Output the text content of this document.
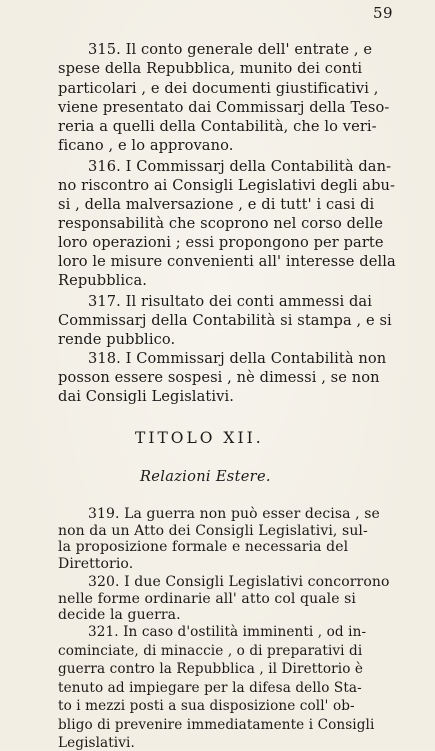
59
315. Il conto generale dell' entrate , e
spese della Repubblica, munito dei conti
particolari , e dei documenti giustificativi ,
viene presentato dai Commissarj della Teso-
reria a quelli della Contabilità, che lo veri-
ficano , e lo approvano.
316. I Commissarj della Contabilità dan-
no riscontro ai Consigli Legislativi degli abu-
si , della malversazione , e di tutt' i casi di
responsabilità che scoprono nel corso delle
loro operazioni ; essi propongono per parte
loro le misure convenienti all' interesse della
Repubblica.
317. Il risultato dei conti ammessi dai
Commissarj della Contabilità si stampa , e si
rende pubblico.
318. I Commissarj della Contabilità non
posson essere sospesi , nè dimessi , se non
dai Consigli Legislativi.
TITOLO XII.
Relazioni Estere.
319. La guerra non può esser decisa , se
non da un Atto dei Consigli Legislativi, sul-
la proposizione formale e necessaria del
Direttorio.
320. I due Consigli Legislativi concorrono
nelle forme ordinarie all' atto col quale si
decide la guerra.
321. In caso d'ostilità imminenti , od in-
cominciate, di minaccie , o di preparativi di
guerra contro la Repubblica , il Direttorio è
tenuto ad impiegare per la difesa dello Sta-
to i mezzi posti a sua disposizione coll' ob-
bligo di prevenire immediatamente i Consigli
Legislativi.
